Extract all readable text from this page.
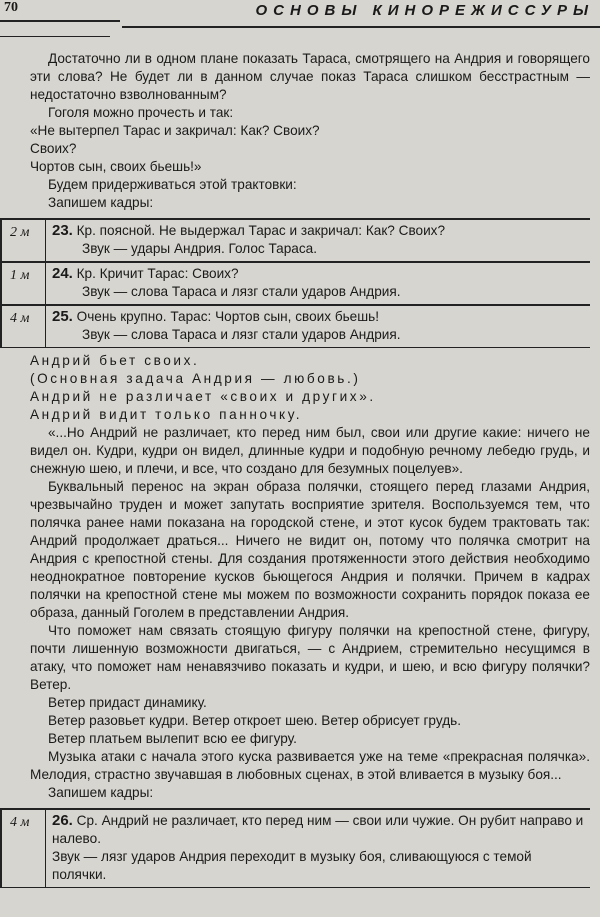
70	ОСНОВЫ КИНОРЕЖИССУРЫ

Достаточно ли в одном плане показать Тараса, смотрящего на Андрия и говорящего эти слова? Не будет ли в данном случае показ Тараса слишком бесстрастным — недостаточно взволнованным?

Гоголя можно прочесть и так:

«Не вытерпел Тарас и закричал: Как? Своих?

Своих?

Чортов сын, своих бьешь!»

Будем придерживаться этой трактовки:

Запишем кадры:

2 м	23. Кр. поясной. Не выдержал Тарас и закричал: Как? Своих?
Звук — удары Андрия. Голос Тараса.
1 м	24. Кр. Кричит Тарас: Своих?
Звук — слова Тараса и лязг стали ударов Андрия.
4 м	25. Очень крупно. Тарас: Чортов сын, своих бьешь!
Звук — слова Тараса и лязг стали ударов Андрия.

Андрий бьет своих.

(Основная задача Андрия — любовь.)

Андрий не различает «своих и других».

Андрий видит только панночку.

«...Но Андрий не различает, кто перед ним был, свои или другие какие: ничего не видел он. Кудри, кудри он видел, длинные кудри и подобную речному лебедю грудь, и снежную шею, и плечи, и все, что создано для безумных поцелуев».

Буквальный перенос на экран образа полячки, стоящего перед глазами Андрия, чрезвычайно труден и может запутать восприятие зрителя. Воспользуемся тем, что полячка ранее нами показана на городской стене, и этот кусок будем трактовать так: Андрий продолжает драться... Ничего не видит он, потому что полячка смотрит на Андрия с крепостной стены. Для создания протяженности этого действия необходимо неоднократное повторение кусков бьющегося Андрия и полячки. Причем в кадрах полячки на крепостной стене мы можем по возможности сохранить порядок показа ее образа, данный Гоголем в представлении Андрия.

Что поможет нам связать стоящую фигуру полячки на крепостной стене, фигуру, почти лишенную возможности двигаться, — с Андрием, стремительно несущимся в атаку, что поможет нам ненавязчиво показать и кудри, и шею, и всю фигуру полячки? Ветер.

Ветер придаст динамику.

Ветер разовьет кудри. Ветер откроет шею. Ветер обрисует грудь.

Ветер платьем вылепит всю ее фигуру.

Музыка атаки с начала этого куска развивается уже на теме «прекрасная полячка». Мелодия, страстно звучавшая в любовных сценах, в этой вливается в музыку боя...

Запишем кадры:

4 м	26. Ср. Андрий не различает, кто перед ним — свои или чужие. Он рубит направо и налево.
Звук — лязг ударов Андрия переходит в музыку боя, сливающуюся с темой полячки.
